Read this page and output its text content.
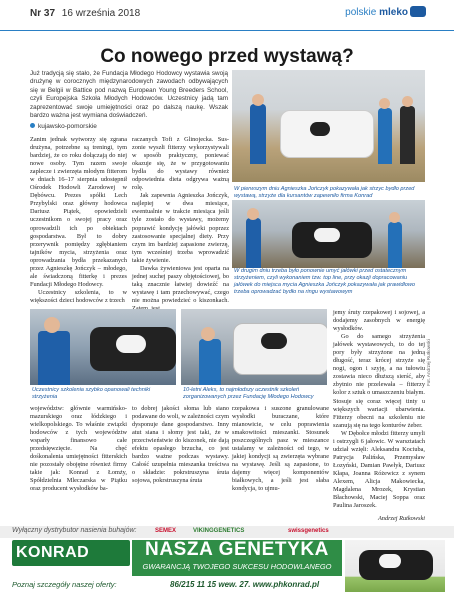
Nr 37 16 września 2018	polskie mleko
Co nowego przed wystawą?
Już tradycją się stało, że Fundacja Młodego Hodowcy wystawia swoją drużynę w corocznych międzynarodowych zawodach odbywających się w Belgii w Battice pod nazwą European Young Breeders School, czyli Europejska Szkoła Młodych Hodowców. Uczestnicy jadą tam zaprezentować swoje umiejętności oraz po dalszą naukę. Wszak bardzo ważna jest wymiana doświadczeń.
kujawsko-pomorskie
Zanim jednak wytworzy się zgrana drużyna, potrzebne są treningi, tym bardziej, że co roku dołączają do niej nowe osoby. Tym razem swoje zaplecze i zwierzęta młodym fitterom w dniach 16–17 sierpnia udostępnił Ośrodek Hodowli Zarodowej w Dębówcu. Prezes spółki Lech Przybylski oraz główny hodowca Dariusz Piątek, opowiedzieli uczestnikom o swojej pracy oraz oprowadzili ich po obiektach gospodarstwa. Był to dobry przerywnik pomiędzy zgłębianiem tajników mycia, strzyżenia oraz oprowadzania bydła przekazanych przez Agnieszkę Jończyk – młodego, ale świadczoną fitterkę i prezes Fundacji Młodego Hodowcy.
Uczestnicy szkolenia, to w większości dzieci hodowców z trzech
raczanych Tofi z Glinojecka. Sus-zonie wyszłi fitterzy wykorzystywali w sposób praktyczny, poniewać okazuje się, że w przygotowaniu bydła do wystawy również odpowiednia dieta odgrywa ważną rolę.
Jak zapewnia Agnieszka Jończyk, najlepiej w dwa miesiące, ewentualnie w trakcie miesiąca jeśli tyle zostało do wystawy, możemy poprawić kondycję jałówki poprzez zastosowanie specjalnej diety. Przy czym im bardziej zapasione zwierzę, tym wcześniej trzeba wprowadzić takie żywienie.
Dawka żywieniowa jest oparta na jednej suchej paszy objętościowej, bo taką znacznie łatwiej dowieźć na wystawę i tam przechowywać, czego nie można powiedzieć o kiszonkach.
W pierwszym dniu Agnieszka Jończyk pokazywała jak strzyc bydło przed wystawą, strzyże dla kursantów zapewniło firma Konrad
W drugim dniu trzeba było ponownie umyć jałówki przed ostatecznym strzyżeniem, czyli wykonaniem tzw. top line, przy okazji dopracowaniu jałówek do miejsca mycia Agnieszka Jończyk pokazywała jak prawidłowo trzeba oprowadzać bydło na ringu wystawowym
Uczestnicy szkolenia szybko opanowali techniki strzyżenia
10-letni Aleks, to najmłodszy uczestnik szkoleń zorganizowanych przez Fundację Młodego Hodowcy
Fot. Andrzej Rutkowski
województw: głównie warmińsko-mazurskiego oraz łódzkiego i wielkopolskiego. To właśnie związki hodowców z tych województw wsparły finansowo całe przedsięwzięcie. Na chęć dośkonalenia umiejętności fitterskich nie pozostały obojętne również firmy takie jak: Konrad z Łomży, Spółdzielnia Mleczarska w Piątku oraz producent wysłodków ba-
to dobrej jakości słoma lub siano podawane do woli, w zależności czym dysponuje dane gospodarstwo. Inny atut siana i słomy jest taki, że w przeciwieństwie do kiszonek, nie dają efektu opasłego brzucha, co jest bardzo ważne podczas wystawy. Całość uzupełnia mieszanka treściwa o składzie: pokrstruszyna śruta sojowa, pokrstruszyna śruta
rzepakowa i suszone granulowane wysłodki buraczane, które mianowicie, w celu poprawienia smakowitości mieszanki. Stosunek poszczególnych pasz w mieszance ustalamy w zależności od tego, w jakiej kondycji są zwierzęta wybrane na wystawę. Jeśli są zapasione, to dajemy więcej komponentów białkowych, a jeśli jest słaba kondycja, to ujmu-
jemy śruty rzepakowej i sojowej, a dodajemy zasobnych w energię wysłodków.
Go do samego strzyżenia jałówek wystawowych, to do tej pory były strzyżone na jedną długość, teraz krócej strzyże się nogi, ogon i szyję, a na tułowiu zostawia nieco dłuższą sierść, aby zbytnio nie przelewała – fitterzy kolor z sztuk o umaszczeniu białym. Stosuje się coraz więcej tinty u większych wariacji ubarwienia. Fitterzy obecni na szkoleniu nie szanują się na tego konturów żeber.
W Dębołce młodzi fitterzy umyli i ostrzygli 6 jałowic. W warsztatach udział wzięli: Aleksandra Kociuba, Patrycja Palińska, Przemysław Łozyński, Damian Pawłyk, Dariusz Kłapa, Joanna Różewicz z synem Alexem, Alicja Makowiecka, Magdalena Mrozek, Krystian Błachowski, Maciej Soppa oraz Paulina Jaroszek.
Andrzej Rutkowski
Wyłączny dystrybutor nasienia buhajów:	SEMEX	VIKINGGENETICS	swissgenetics
KONRAD	NASZA GENETYKA
GWARANCJĄ TWOJEGO SUKCESU HODOWLANEGO
Poznaj szczegóły naszej oferty:	86/215 11 15 wew. 27. www.phkonrad.pl
